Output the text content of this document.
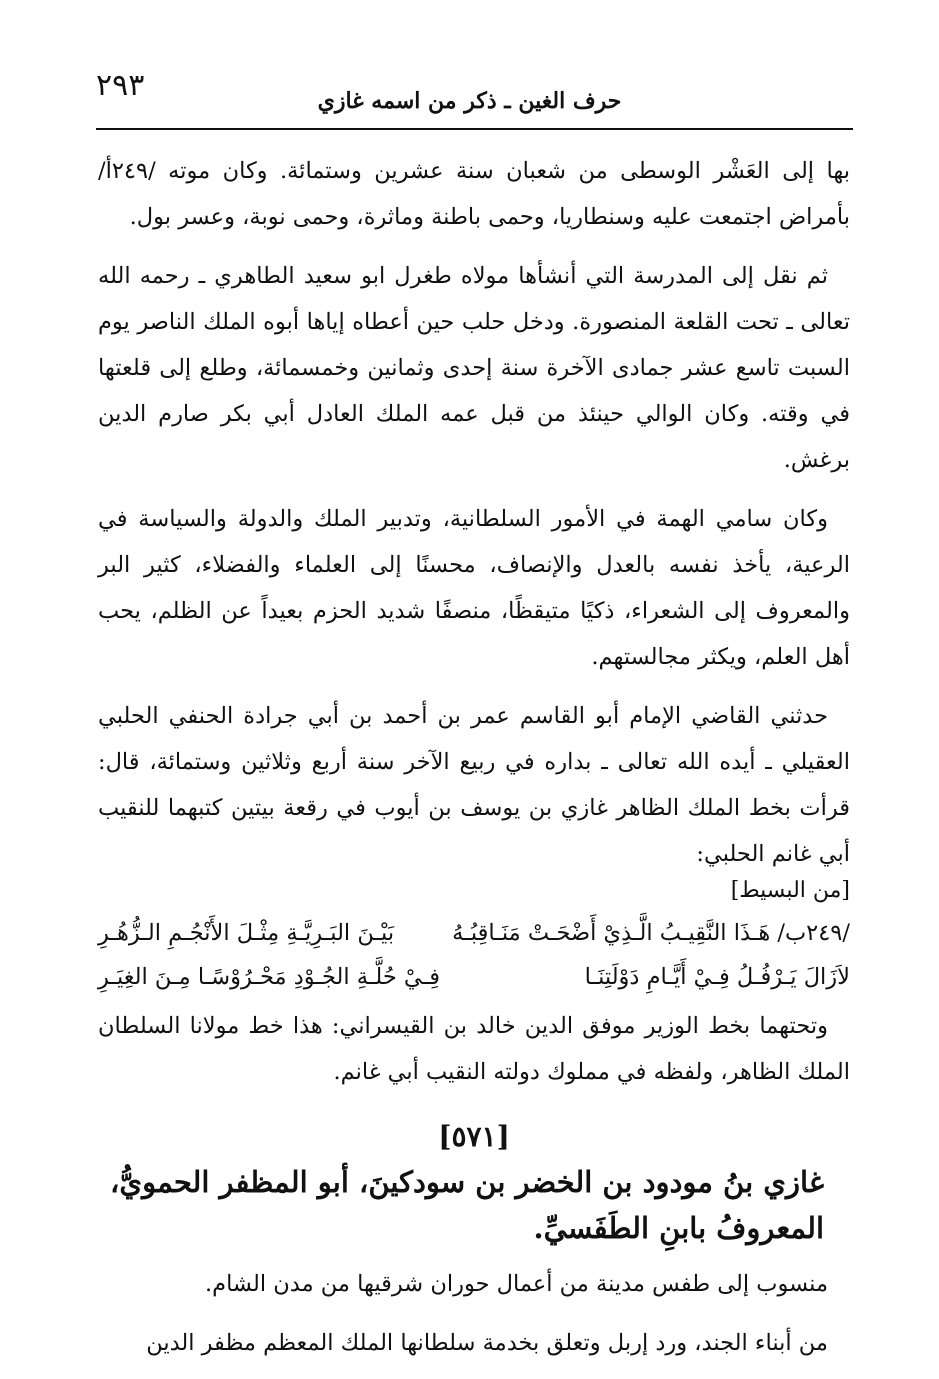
٢٩٣	حرف الغين ـ ذكر من اسمه غازي

بها إلى العَشْر الوسطى من شعبان سنة عشرين وستمائة. وكان موته /٢٤٩أ/ بأمراض اجتمعت عليه وسنطاريا، وحمى باطنة وماثرة، وحمى نوبة، وعسر بول.

ثم نقل إلى المدرسة التي أنشأها مولاه طغرل ابو سعيد الطاهري ـ رحمه الله تعالى ـ تحت القلعة المنصورة. ودخل حلب حين أعطاه إياها أبوه الملك الناصر يوم السبت تاسع عشر جمادى الآخرة سنة إحدى وثمانين وخمسمائة، وطلع إلى قلعتها في وقته. وكان الوالي حينئذ من قبل عمه الملك العادل أبي بكر صارم الدين برغش.

وكان سامي الهمة في الأمور السلطانية، وتدبير الملك والدولة والسياسة في الرعية، يأخذ نفسه بالعدل والإنصاف، محسنًا إلى العلماء والفضلاء، كثير البر والمعروف إلى الشعراء، ذكيًا متيقظًا، منصفًا شديد الحزم بعيداً عن الظلم، يحب أهل العلم، ويكثر مجالستهم.

حدثني القاضي الإمام أبو القاسم عمر بن أحمد بن أبي جرادة الحنفي الحلبي العقيلي ـ أيده الله تعالى ـ بداره في ربيع الآخر سنة أربع وثلاثين وستمائة، قال: قرأت بخط الملك الظاهر غازي بن يوسف بن أيوب في رقعة بيتين كتبهما للنقيب أبي غانم الحلبي:

[من البسيط]

/٢٤٩ب/ هَـذَا النَّقِيـبُ الَّـذِيْ أَضْحَـتْ مَنَـاقِبُـهُ
بَيْـنَ البَـرِيَّـةِ مِثْـلَ الأَنْجُـمِ الـزُّهُـرِ
لاَزَالَ يَـرْفُـلُ فِـيْ أَيَّـامِ دَوْلَتِنَـا
فِـيْ حُلَّـةِ الجُـوْدِ مَحْـرُوْسًـا مِـنَ الغِيَـرِ

وتحتهما بخط الوزير موفق الدين خالد بن القيسراني: هذا خط مولانا السلطان الملك الظاهر، ولفظه في مملوك دولته النقيب أبي غانم.

[٥٧١]
غازي بنُ مودود بن الخضر بن سودكينَ، أبو المظفر الحمويُّ،
المعروفُ بابنِ الطَفَسيِّ.

منسوب إلى طفس مدينة من أعمال حوران شرقيها من مدن الشام.

من أبناء الجند، ورد إربل وتعلق بخدمة سلطانها الملك المعظم مظفر الدين
